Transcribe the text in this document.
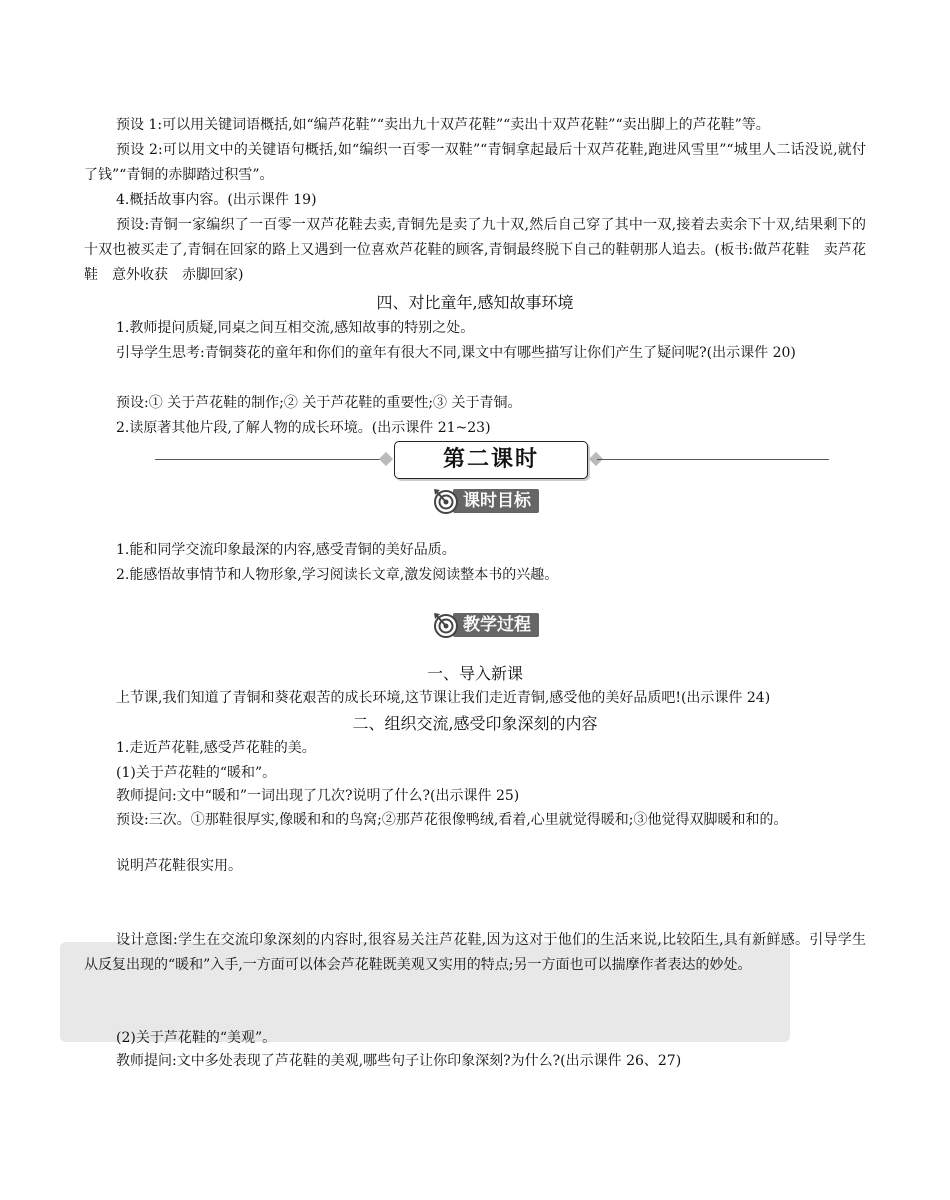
预设 1:可以用关键词语概括,如“编芦花鞋”“卖出九十双芦花鞋”“卖出十双芦花鞋”“卖出脚上的芦花鞋”等。

预设 2:可以用文中的关键语句概括,如“编织一百零一双鞋”“青铜拿起最后十双芦花鞋,跑进风雪里”“城里人二话没说,就付了钱”“青铜的赤脚踏过积雪”。

4.概括故事内容。(出示课件 19)

预设:青铜一家编织了一百零一双芦花鞋去卖,青铜先是卖了九十双,然后自己穿了其中一双,接着去卖余下十双,结果剩下的十双也被买走了,青铜在回家的路上又遇到一位喜欢芦花鞋的顾客,青铜最终脱下自己的鞋朝那人追去。(板书:做芦花鞋　卖芦花鞋　意外收获　赤脚回家)

四、对比童年,感知故事环境

1.教师提问质疑,同桌之间互相交流,感知故事的特别之处。

引导学生思考:青铜葵花的童年和你们的童年有很大不同,课文中有哪些描写让你们产生了疑问呢?(出示课件 20)

预设:① 关于芦花鞋的制作;② 关于芦花鞋的重要性;③ 关于青铜。

2.读原著其他片段,了解人物的成长环境。(出示课件 21~23)

第二课时
课时目标

1.能和同学交流印象最深的内容,感受青铜的美好品质。

2.能感悟故事情节和人物形象,学习阅读长文章,激发阅读整本书的兴趣。

教学过程

一、导入新课

上节课,我们知道了青铜和葵花艰苦的成长环境,这节课让我们走近青铜,感受他的美好品质吧!(出示课件 24)

二、组织交流,感受印象深刻的内容

1.走近芦花鞋,感受芦花鞋的美。

(1)关于芦花鞋的“暖和”。

教师提问:文中“暖和”一词出现了几次?说明了什么?(出示课件 25)

预设:三次。①那鞋很厚实,像暖和和的鸟窝;②那芦花很像鸭绒,看着,心里就觉得暖和;③他觉得双脚暖和和的。

说明芦花鞋很实用。

设计意图:学生在交流印象深刻的内容时,很容易关注芦花鞋,因为这对于他们的生活来说,比较陌生,具有新鲜感。引导学生从反复出现的“暖和”入手,一方面可以体会芦花鞋既美观又实用的特点;另一方面也可以揣摩作者表达的妙处。

(2)关于芦花鞋的“美观”。

教师提问:文中多处表现了芦花鞋的美观,哪些句子让你印象深刻?为什么?(出示课件 26、27)
